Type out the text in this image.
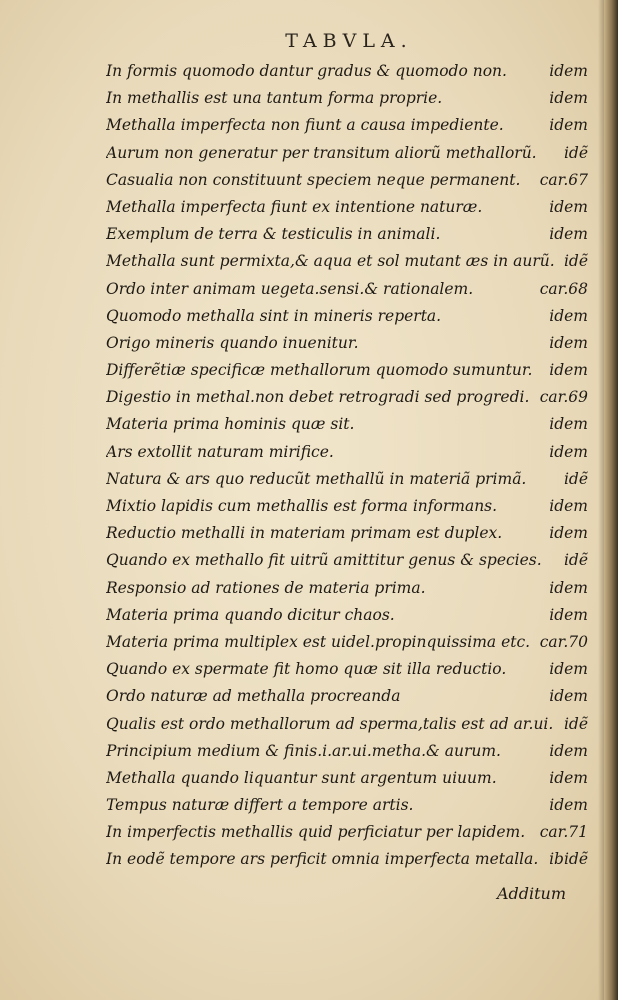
TABVLA.
In formis quomodo dantur gradus & quomodo non.	idem
In methallis est una tantum forma proprie.	idem
Methalla imperfecta non fiunt a causa impediente.	idem
Aurum non generatur per transitum aliorũ methallorũ. idẽ
Casualia non constituunt speciem neque permanent. car.67
Methalla imperfecta fiunt ex intentione naturæ.	idem
Exemplum de terra & testiculis in animali.	idem
Methalla sunt permixta,& aqua et sol mutant æs in aurũ. idẽ
Ordo inter animam uegeta.sensi.& rationalem.	car.68
Quomodo methalla sint in mineris reperta.	idem
Origo mineris quando inuenitur.	idem
Differẽtiæ specificæ methallorum quomodo sumuntur. idem
Digestio in methal.non debet retrogradi sed progredi. car.69
Materia prima hominis quæ sit.	idem
Ars extollit naturam mirifice.	idem
Natura & ars quo reducũt methallũ in materiã primã. idẽ
Mixtio lapidis cum methallis est forma informans.	idem
Reductio methalli in materiam primam est duplex.	idem
Quando ex methallo fit uitrũ amittitur genus & species. idẽ
Responsio ad rationes de materia prima.	idem
Materia prima quando dicitur chaos.	idem
Materia prima multiplex est uidel.propinquissima etc. car.70
Quando ex spermate fit homo quæ sit illa reductio.	idem
Ordo naturæ ad methalla procreanda	idem
Qualis est ordo methallorum ad sperma,talis est ad ar.ui. idẽ
Principium medium & finis.i.ar.ui.metha.& aurum.	idem
Methalla quando liquantur sunt argentum uiuum.	idem
Tempus naturæ differt a tempore artis.	idem
In imperfectis methallis quid perficiatur per lapidem. car.71
In eodẽ tempore ars perficit omnia imperfecta metalla. ibidẽ
Additum
